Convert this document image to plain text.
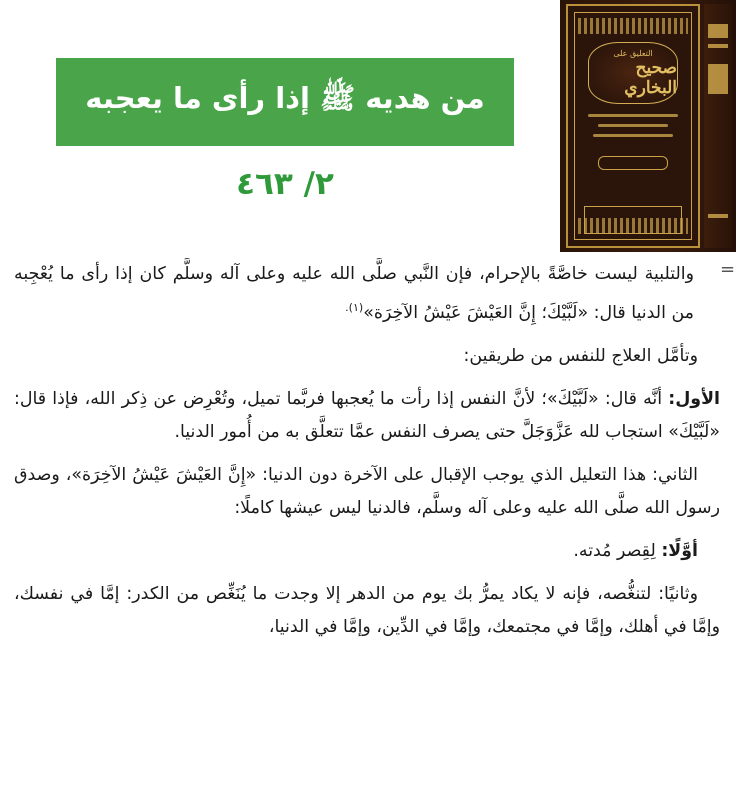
التعليق على
صحيح البخاري
من هديه ﷺ إذا رأى ما يعجبه
٢/ ٤٦٣
=

والتلبية ليست خاصَّةً بالإحرام، فإن النَّبي صلَّى الله عليه وعلى آله وسلَّم كان إذا رأى ما يُعْجِبه من الدنيا قال: «لَبَّيْكَ؛ إِنَّ العَيْشَ عَيْشُ الآخِرَة»$^{(١).}$

وتأمَّل العلاج للنفس من طريقين:

الأول: أنَّه قال: «لَبَّيْكَ»؛ لأنَّ النفس إذا رأت ما يُعجبها فربَّما تميل، وتُعْرِض عن ذِكر الله، فإذا قال: «لَبَّيْكَ» استجاب لله عَزَّوَجَلَّ حتى يصرف النفس عمَّا تتعلَّق به من أُمور الدنيا.

الثاني: هذا التعليل الذي يوجب الإقبال على الآخرة دون الدنيا: «إِنَّ العَيْشَ عَيْشُ الآخِرَة»، وصدق رسول الله صلَّى الله عليه وعلى آله وسلَّم، فالدنيا ليس عيشها كاملًا:

أوَّلًا: لِقِصر مُدته.

وثانيًا: لتنغُّصه، فإنه لا يكاد يمرُّ بك يوم من الدهر إلا وجدت ما يُنَغِّص من الكدر: إمَّا في نفسك، وإمَّا في أهلك، وإمَّا في مجتمعك، وإمَّا في الدِّين، وإمَّا في الدنيا،
